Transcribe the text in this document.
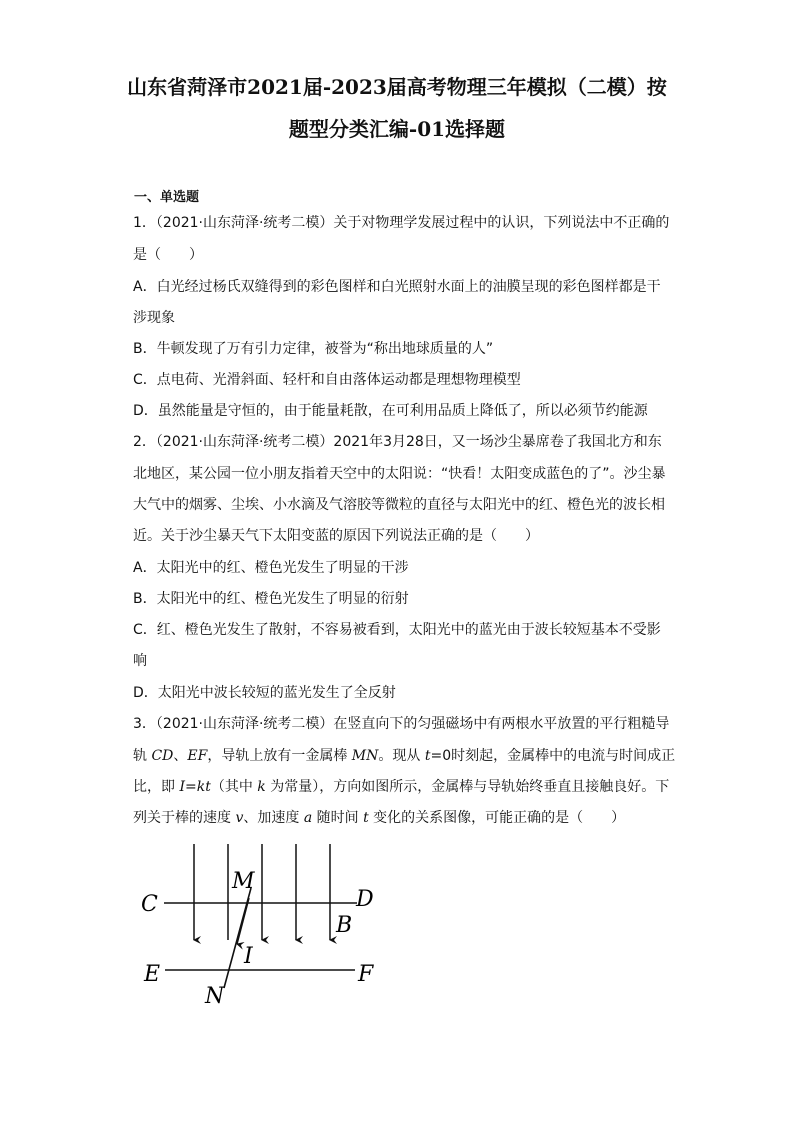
山东省菏泽市2021届-2023届高考物理三年模拟（二模）按
题型分类汇编-01选择题
一、单选题
1．（2021·山东菏泽·统考二模）关于对物理学发展过程中的认识，下列说法中不正确的
是（　　）
A．白光经过杨氏双缝得到的彩色图样和白光照射水面上的油膜呈现的彩色图样都是干
涉现象
B．牛顿发现了万有引力定律，被誉为“称出地球质量的人”
C．点电荷、光滑斜面、轻杆和自由落体运动都是理想物理模型
D．虽然能量是守恒的，由于能量耗散，在可利用品质上降低了，所以必须节约能源
2．（2021·山东菏泽·统考二模）2021年3月28日，又一场沙尘暴席卷了我国北方和东
北地区，某公园一位小朋友指着天空中的太阳说：“快看！太阳变成蓝色的了”。沙尘暴
大气中的烟雾、尘埃、小水滴及气溶胶等微粒的直径与太阳光中的红、橙色光的波长相
近。关于沙尘暴天气下太阳变蓝的原因下列说法正确的是（　　）
A．太阳光中的红、橙色光发生了明显的干涉
B．太阳光中的红、橙色光发生了明显的衍射
C．红、橙色光发生了散射，不容易被看到，太阳光中的蓝光由于波长较短基本不受影
响
D．太阳光中波长较短的蓝光发生了全反射
3．（2021·山东菏泽·统考二模）在竖直向下的匀强磁场中有两根水平放置的平行粗糙导
轨 CD、EF，导轨上放有一金属棒 MN。现从 t=0时刻起，金属棒中的电流与时间成正
比，即 I=kt（其中 k 为常量），方向如图所示，金属棒与导轨始终垂直且接触良好。下
列关于棒的速度 v、加速度 a 随时间 t 变化的关系图像，可能正确的是（　　）
C	D
M
B
I
E	F
N
